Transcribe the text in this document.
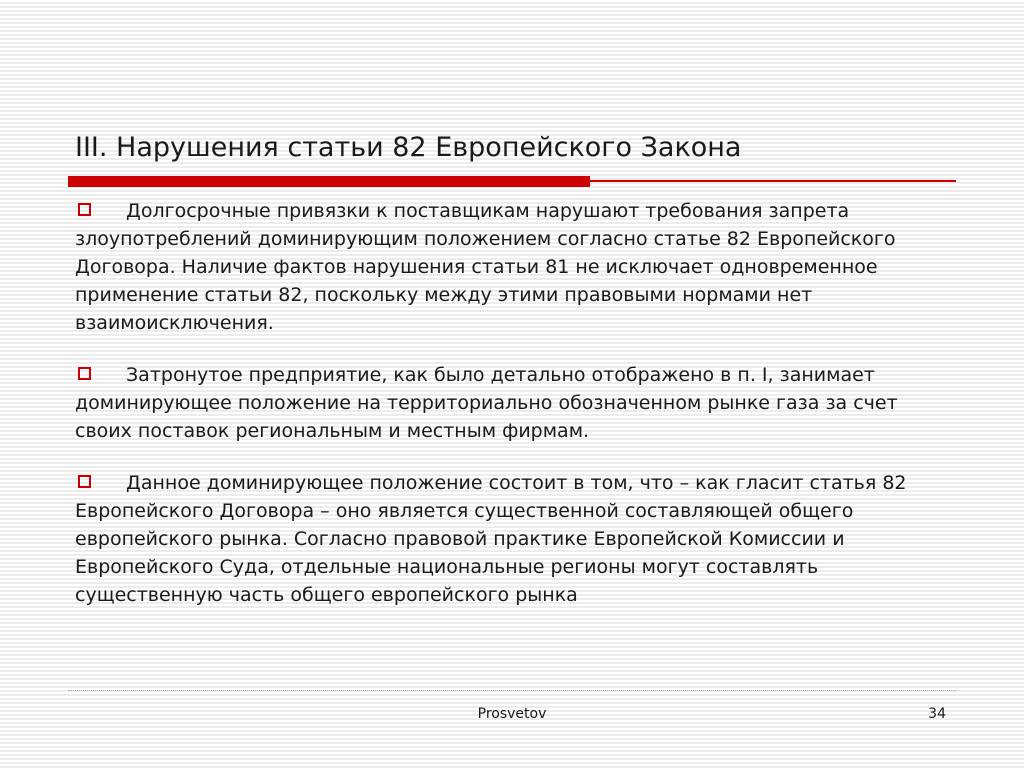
III. Нарушения статьи 82 Европейского Закона
Долгосрочные привязки к поставщикам нарушают требования запрета злоупотреблений доминирующим положением согласно статье 82 Европейского Договора. Наличие фактов нарушения статьи 81 не исключает одновременное применение статьи 82, поскольку между этими правовыми нормами нет взаимоисключения.
Затронутое предприятие, как было детально отображено в п. I, занимает доминирующее положение на территориально обозначенном рынке газа за счет своих поставок региональным и местным фирмам.
Данное доминирующее положение состоит в том, что – как гласит статья 82 Европейского Договора – оно является существенной составляющей общего европейского рынка. Согласно правовой практике Европейской Комиссии и Европейского Суда, отдельные национальные регионы могут составлять существенную часть общего европейского рынка
Prosvetov	34
